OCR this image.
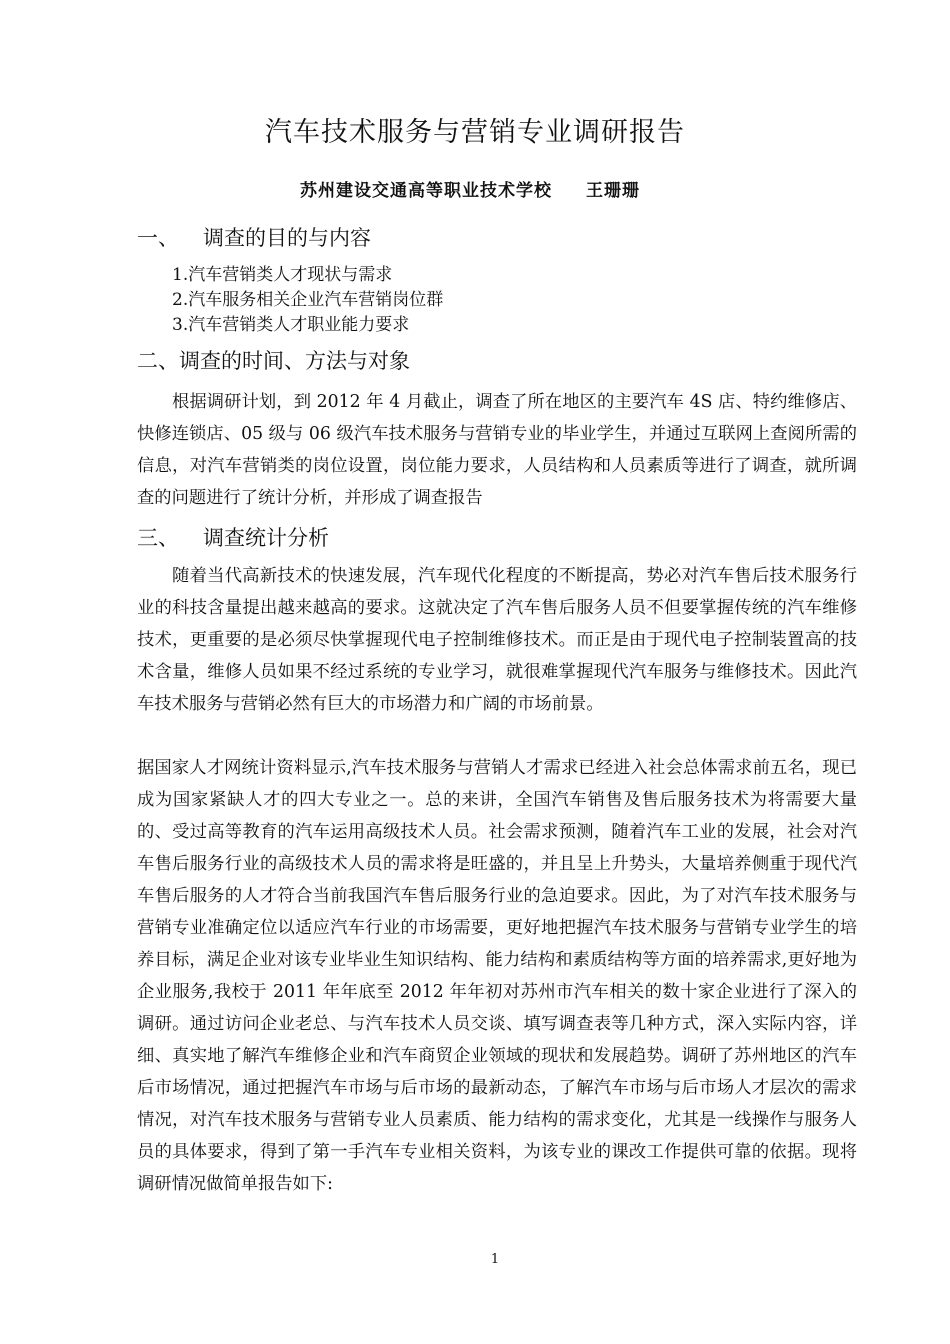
汽车技术服务与营销专业调研报告
苏州建设交通高等职业技术学校 王珊珊
一、 调查的目的与内容
1.汽车营销类人才现状与需求
2.汽车服务相关企业汽车营销岗位群
3.汽车营销类人才职业能力要求
二、调查的时间、方法与对象
根据调研计划，到 2012 年 4 月截止，调查了所在地区的主要汽车 4S 店、特约维修店、快修连锁店、05 级与 06 级汽车技术服务与营销专业的毕业学生，并通过互联网上查阅所需的信息，对汽车营销类的岗位设置，岗位能力要求，人员结构和人员素质等进行了调查，就所调查的问题进行了统计分析，并形成了调查报告
三、 调查统计分析
随着当代高新技术的快速发展，汽车现代化程度的不断提高，势必对汽车售后技术服务行业的科技含量提出越来越高的要求。这就决定了汽车售后服务人员不但要掌握传统的汽车维修技术，更重要的是必须尽快掌握现代电子控制维修技术。而正是由于现代电子控制装置高的技术含量，维修人员如果不经过系统的专业学习，就很难掌握现代汽车服务与维修技术。因此汽车技术服务与营销必然有巨大的市场潜力和广阔的市场前景。
据国家人才网统计资料显示,汽车技术服务与营销人才需求已经进入社会总体需求前五名，现已成为国家紧缺人才的四大专业之一。总的来讲，全国汽车销售及售后服务技术为将需要大量的、受过高等教育的汽车运用高级技术人员。社会需求预测，随着汽车工业的发展，社会对汽车售后服务行业的高级技术人员的需求将是旺盛的，并且呈上升势头，大量培养侧重于现代汽车售后服务的人才符合当前我国汽车售后服务行业的急迫要求。因此，为了对汽车技术服务与营销专业准确定位以适应汽车行业的市场需要，更好地把握汽车技术服务与营销专业学生的培养目标，满足企业对该专业毕业生知识结构、能力结构和素质结构等方面的培养需求,更好地为企业服务,我校于 2011 年年底至 2012 年年初对苏州市汽车相关的数十家企业进行了深入的调研。通过访问企业老总、与汽车技术人员交谈、填写调查表等几种方式，深入实际内容，详细、真实地了解汽车维修企业和汽车商贸企业领域的现状和发展趋势。调研了苏州地区的汽车后市场情况，通过把握汽车市场与后市场的最新动态，了解汽车市场与后市场人才层次的需求情况，对汽车技术服务与营销专业人员素质、能力结构的需求变化，尤其是一线操作与服务人员的具体要求，得到了第一手汽车专业相关资料，为该专业的课改工作提供可靠的依据。现将调研情况做简单报告如下:
1
